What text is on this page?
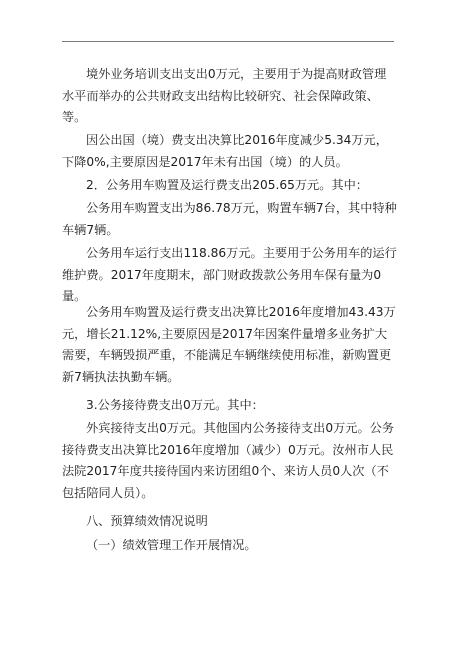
境外业务培训支出支出0万元，主要用于为提高财政管理水平而举办的公共财政支出结构比较研究、社会保障政策、等。

因公出国（境）费支出决算比2016年度减少5.34万元，下降0%,主要原因是2017年未有出国（境）的人员。

2．公务用车购置及运行费支出205.65万元。其中：

公务用车购置支出为86.78万元，购置车辆7台，其中特种车辆7辆。

公务用车运行支出118.86万元。主要用于公务用车的运行维护费。2017年度期末，部门财政拨款公务用车保有量为0量。

公务用车购置及运行费支出决算比2016年度增加43.43万元，增长21.12%,主要原因是2017年因案件量增多业务扩大需要，车辆毁损严重，不能满足车辆继续使用标准，新购置更新7辆执法执勤车辆。

3.公务接待费支出0万元。其中：

外宾接待支出0万元。其他国内公务接待支出0万元。公务接待费支出决算比2016年度增加（减少）0万元。汝州市人民法院2017年度共接待国内来访团组0个、来访人员0人次（不包括陪同人员）。

八、预算绩效情况说明

（一）绩效管理工作开展情况。
